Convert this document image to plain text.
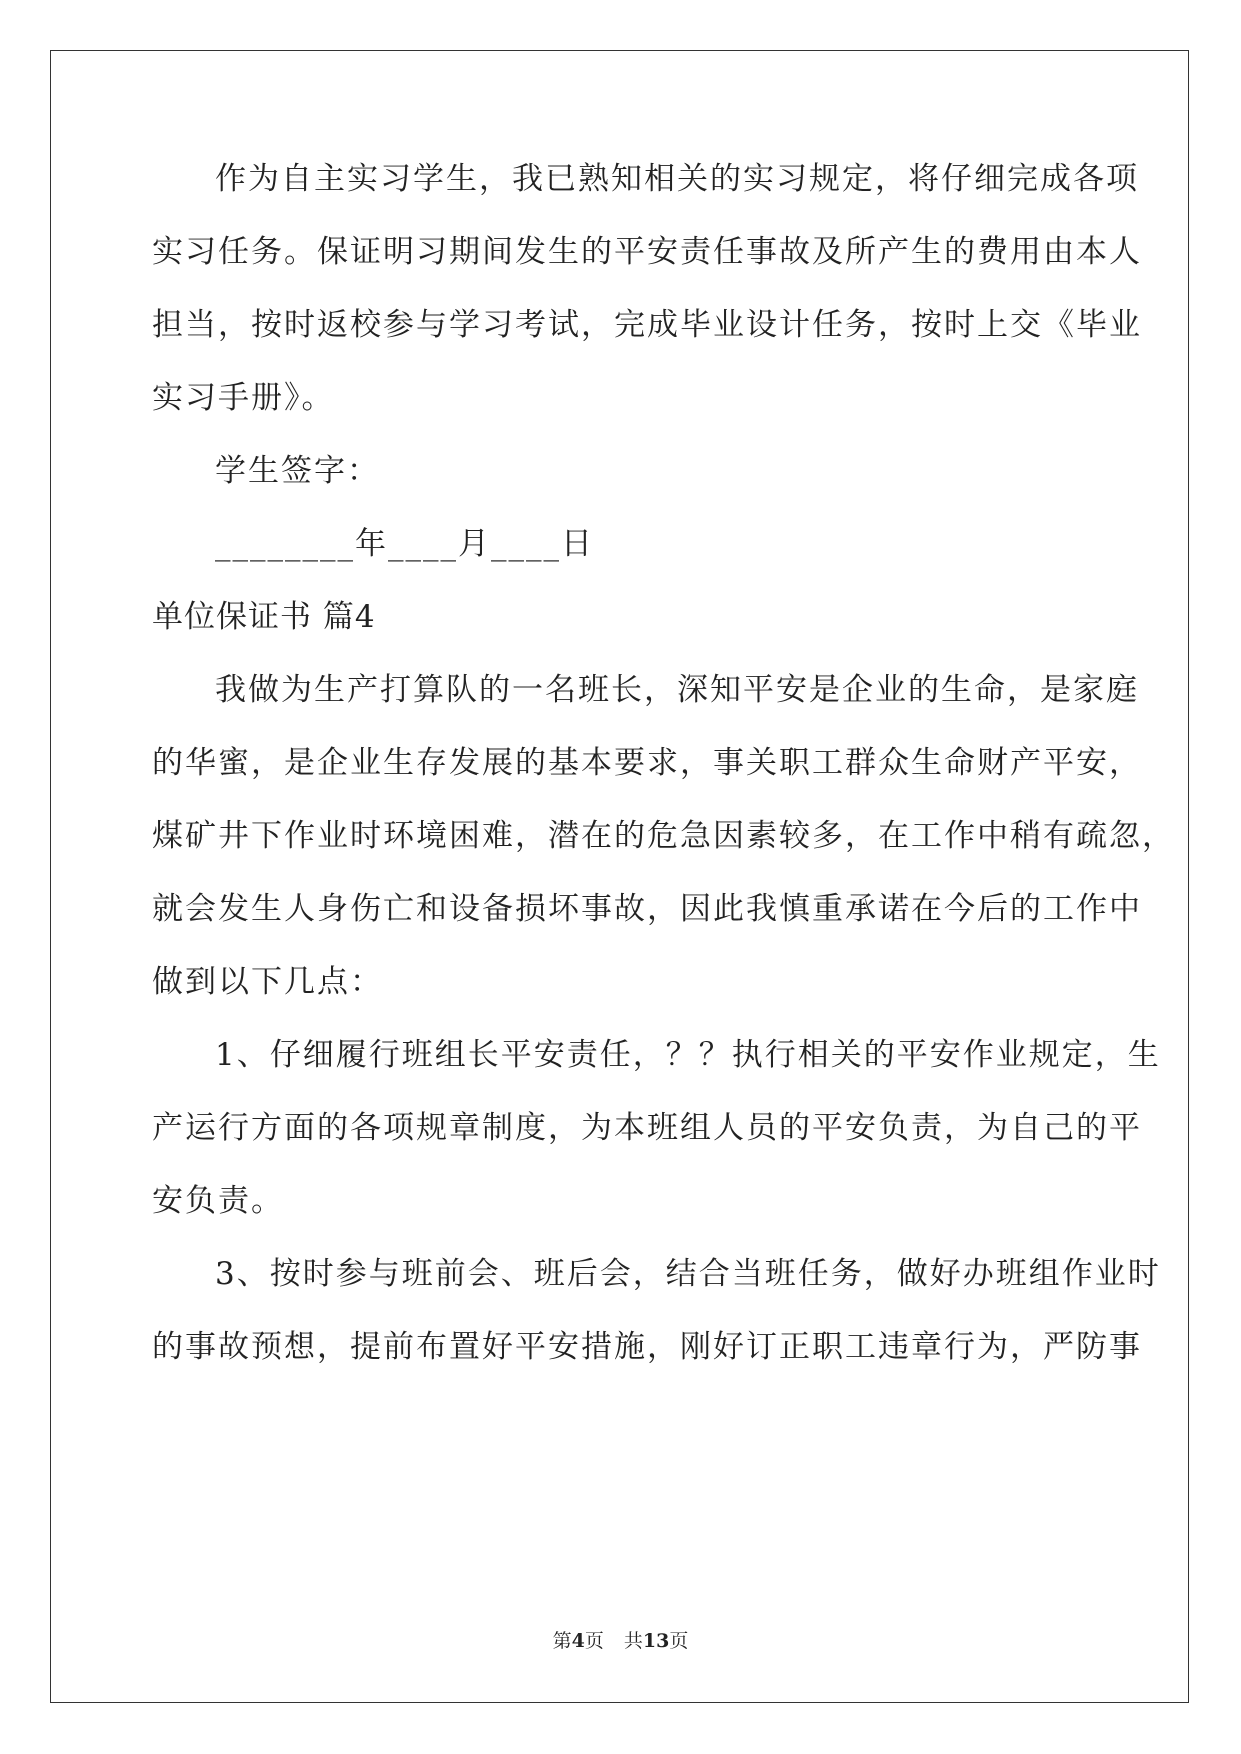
作为自主实习学生，我已熟知相关的实习规定，将仔细完成各项
实习任务。保证明习期间发生的平安责任事故及所产生的费用由本人
担当，按时返校参与学习考试，完成毕业设计任务，按时上交《毕业
实习手册》。
学生签字：
________年____月____日
单位保证书 篇4
我做为生产打算队的一名班长，深知平安是企业的生命，是家庭
的华蜜，是企业生存发展的基本要求，事关职工群众生命财产平安，
煤矿井下作业时环境困难，潜在的危急因素较多，在工作中稍有疏忽，
就会发生人身伤亡和设备损坏事故，因此我慎重承诺在今后的工作中
做到以下几点：
1、仔细履行班组长平安责任，？？执行相关的平安作业规定，生
产运行方面的各项规章制度，为本班组人员的平安负责，为自己的平
安负责。
3、按时参与班前会、班后会，结合当班任务，做好办班组作业时
的事故预想，提前布置好平安措施，刚好订正职工违章行为，严防事
第4页 共13页
